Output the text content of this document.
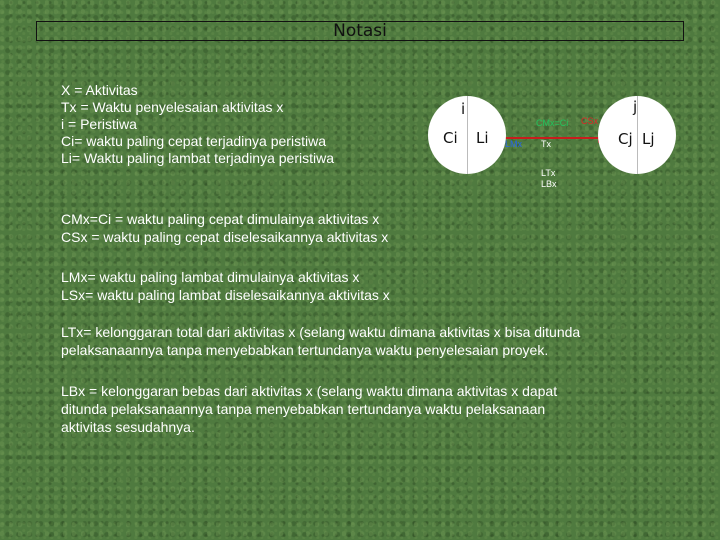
Notasi
X = Aktivitas
Tx = Waktu penyelesaian aktivitas x
i = Peristiwa
Ci= waktu paling cepat terjadinya peristiwa
Li= Waktu paling lambat terjadinya peristiwa
i
Ci Li
j
Cj Lj
CMx=Ci CSx
LMx Tx
LTx
LBx
CMx=Ci = waktu paling cepat dimulainya aktivitas x
CSx = waktu paling cepat diselesaikannya aktivitas x
LMx= waktu paling lambat dimulainya aktivitas x
LSx= waktu paling lambat diselesaikannya aktivitas x
LTx= kelonggaran total dari aktivitas x (selang waktu dimana aktivitas x bisa ditunda
pelaksanaannya tanpa menyebabkan tertundanya waktu penyelesaian proyek.
LBx = kelonggaran bebas dari aktivitas x (selang waktu dimana aktivitas x dapat
ditunda pelaksanaannya tanpa menyebabkan tertundanya waktu pelaksanaan
aktivitas sesudahnya.
